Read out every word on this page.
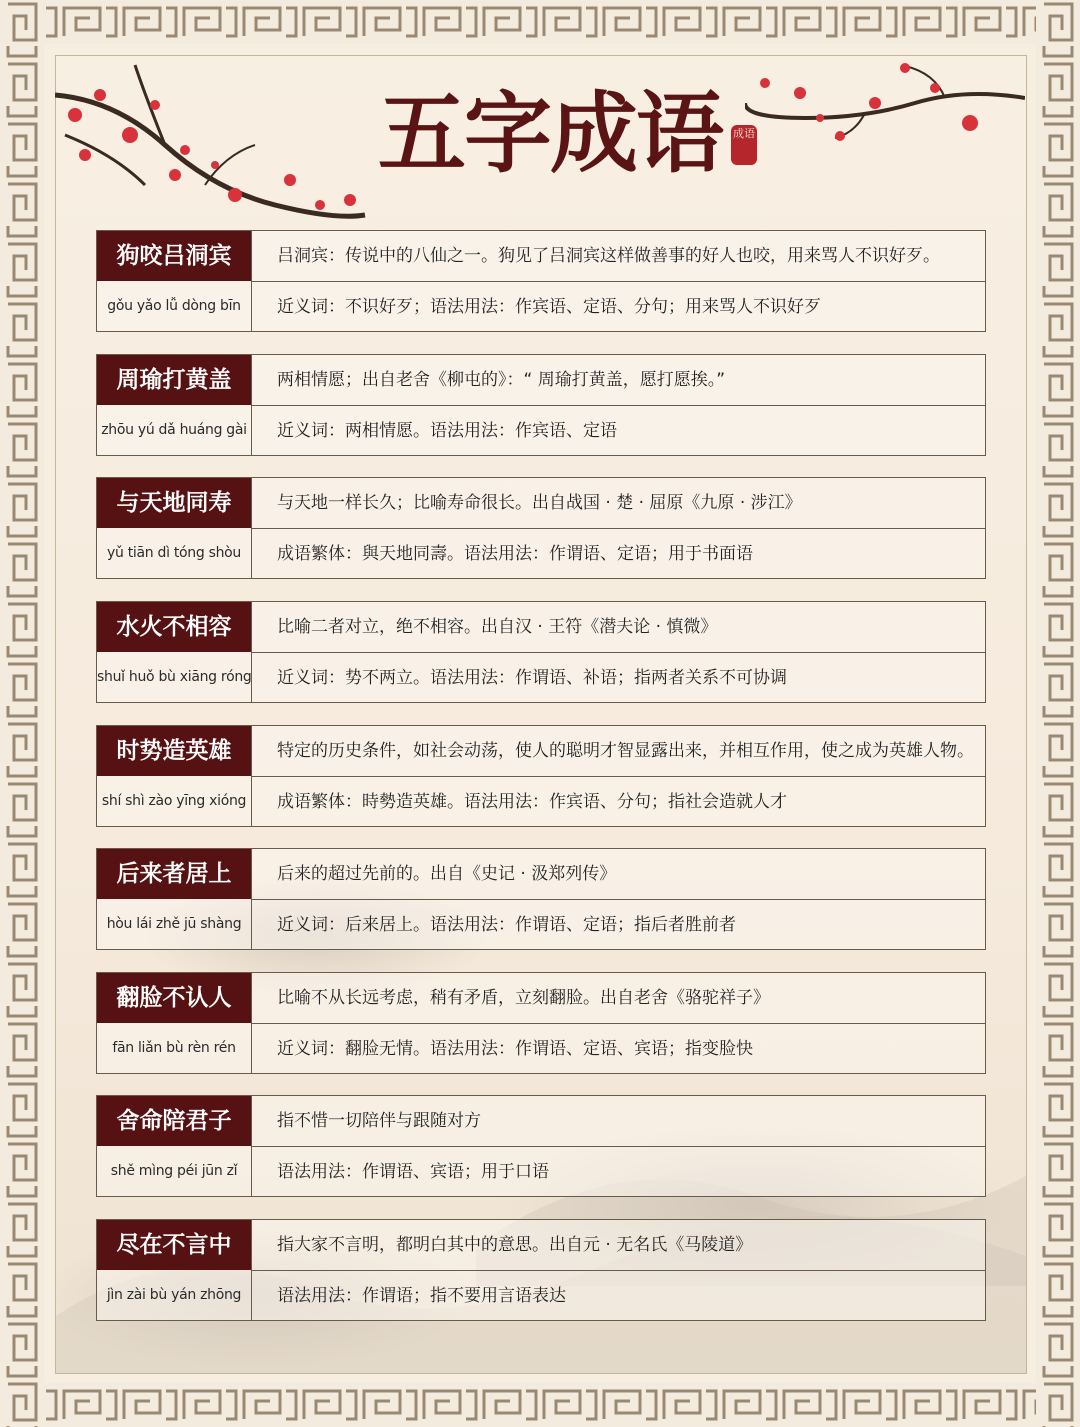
五字成语	成语
狗咬吕洞宾
gǒu yǎo lǚ dòng bīn
吕洞宾：传说中的八仙之一。狗见了吕洞宾这样做善事的好人也咬，用来骂人不识好歹。
近义词：不识好歹；语法用法：作宾语、定语、分句；用来骂人不识好歹
周瑜打黄盖
zhōu yú dǎ huáng gài
两相情愿；出自老舍《柳屯的》：“ 周瑜打黄盖，愿打愿挨。”
近义词：两相情愿。语法用法：作宾语、定语
与天地同寿
yǔ tiān dì tóng shòu
与天地一样长久；比喻寿命很长。出自战国 · 楚 · 屈原《九原 · 涉江》
成语繁体：與天地同壽。语法用法：作谓语、定语；用于书面语
水火不相容
shuǐ huǒ bù xiāng róng
比喻二者对立，绝不相容。出自汉 · 王符《潜夫论 · 慎微》
近义词：势不两立。语法用法：作谓语、补语；指两者关系不可协调
时势造英雄
shí shì zào yīng xióng
特定的历史条件，如社会动荡，使人的聪明才智显露出来，并相互作用，使之成为英雄人物。
成语繁体：時勢造英雄。语法用法：作宾语、分句；指社会造就人才
后来者居上
hòu lái zhě jū shàng
后来的超过先前的。出自《史记 · 汲郑列传》
近义词：后来居上。语法用法：作谓语、定语；指后者胜前者
翻脸不认人
fān liǎn bù rèn rén
比喻不从长远考虑，稍有矛盾，立刻翻脸。出自老舍《骆驼祥子》
近义词：翻脸无情。语法用法：作谓语、定语、宾语；指变脸快
舍命陪君子
shě mìng péi jūn zǐ
指不惜一切陪伴与跟随对方
语法用法：作谓语、宾语；用于口语
尽在不言中
jìn zài bù yán zhōng
指大家不言明，都明白其中的意思。出自元 · 无名氏《马陵道》
语法用法：作谓语；指不要用言语表达
